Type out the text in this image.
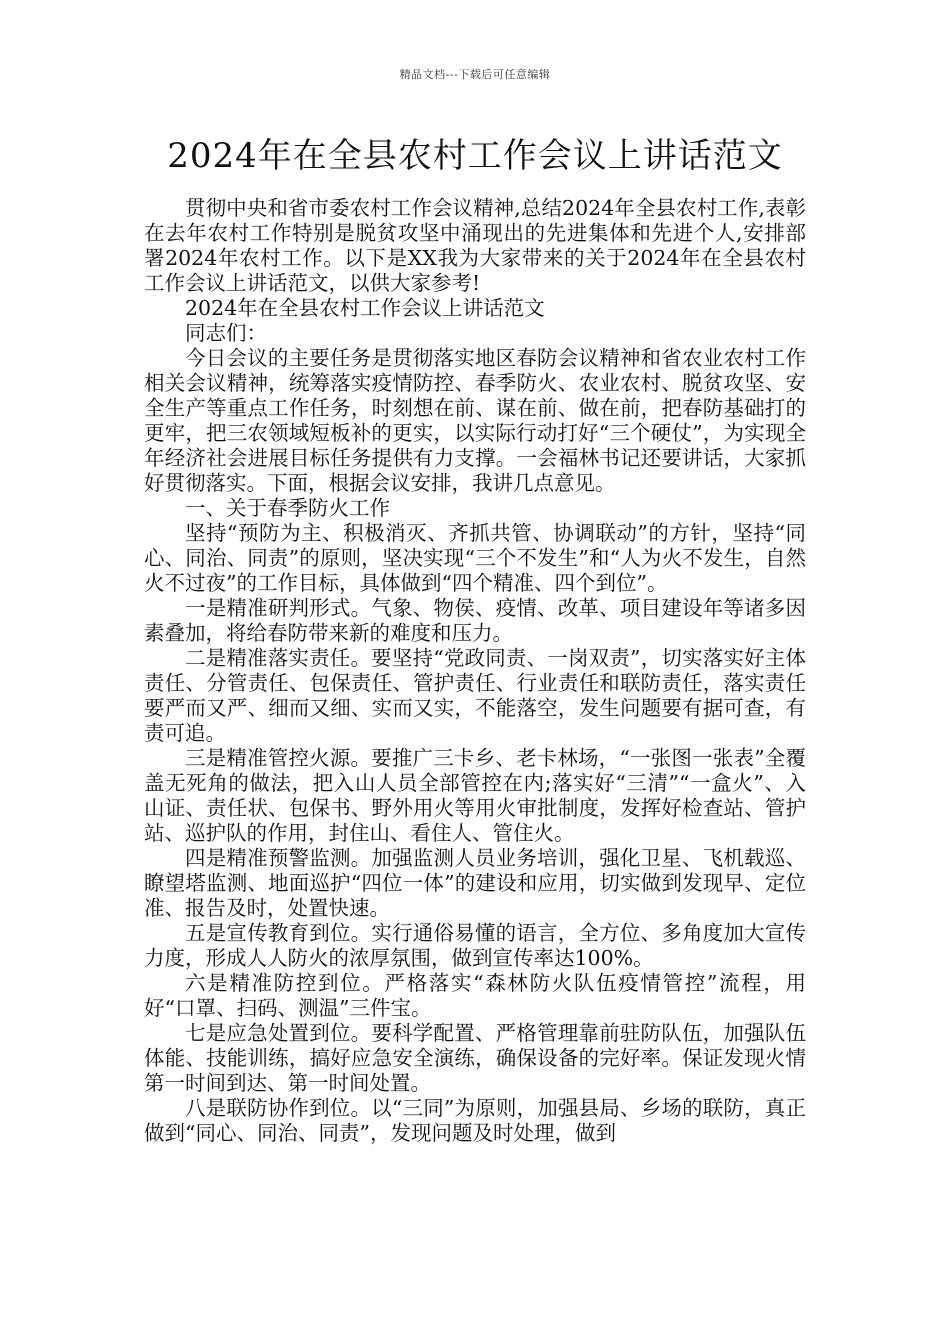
精品文档---下载后可任意编辑
2024年在全县农村工作会议上讲话范文

贯彻中央和省市委农村工作会议精神,总结2024年全县农村工作,表彰在去年农村工作特别是脱贫攻坚中涌现出的先进集体和先进个人,安排部署2024年农村工作。以下是XX我为大家带来的关于2024年在全县农村工作会议上讲话范文，以供大家参考!

2024年在全县农村工作会议上讲话范文

同志们：

今日会议的主要任务是贯彻落实地区春防会议精神和省农业农村工作相关会议精神，统筹落实疫情防控、春季防火、农业农村、脱贫攻坚、安全生产等重点工作任务，时刻想在前、谋在前、做在前，把春防基础打的更牢，把三农领域短板补的更实，以实际行动打好“三个硬仗”，为实现全年经济社会进展目标任务提供有力支撑。一会福林书记还要讲话，大家抓好贯彻落实。下面，根据会议安排，我讲几点意见。

一、关于春季防火工作

坚持“预防为主、积极消灭、齐抓共管、协调联动”的方针，坚持“同心、同治、同责”的原则，坚决实现“三个不发生”和“人为火不发生，自然火不过夜”的工作目标，具体做到“四个精准、四个到位”。

一是精准研判形式。气象、物侯、疫情、改革、项目建设年等诸多因素叠加，将给春防带来新的难度和压力。

二是精准落实责任。要坚持“党政同责、一岗双责”，切实落实好主体责任、分管责任、包保责任、管护责任、行业责任和联防责任，落实责任要严而又严、细而又细、实而又实，不能落空，发生问题要有据可查，有责可追。

三是精准管控火源。要推广三卡乡、老卡林场，“一张图一张表”全覆盖无死角的做法，把入山人员全部管控在内;落实好“三清”“一盒火”、入山证、责任状、包保书、野外用火等用火审批制度，发挥好检查站、管护站、巡护队的作用，封住山、看住人、管住火。

四是精准预警监测。加强监测人员业务培训，强化卫星、飞机载巡、瞭望塔监测、地面巡护“四位一体”的建设和应用，切实做到发现早、定位准、报告及时，处置快速。

五是宣传教育到位。实行通俗易懂的语言，全方位、多角度加大宣传力度，形成人人防火的浓厚氛围，做到宣传率达100%。

六是精准防控到位。严格落实“森林防火队伍疫情管控”流程，用好“口罩、扫码、测温”三件宝。

七是应急处置到位。要科学配置、严格管理靠前驻防队伍，加强队伍体能、技能训练，搞好应急安全演练，确保设备的完好率。保证发现火情第一时间到达、第一时间处置。

八是联防协作到位。以“三同”为原则，加强县局、乡场的联防，真正做到“同心、同治、同责”，发现问题及时处理，做到
